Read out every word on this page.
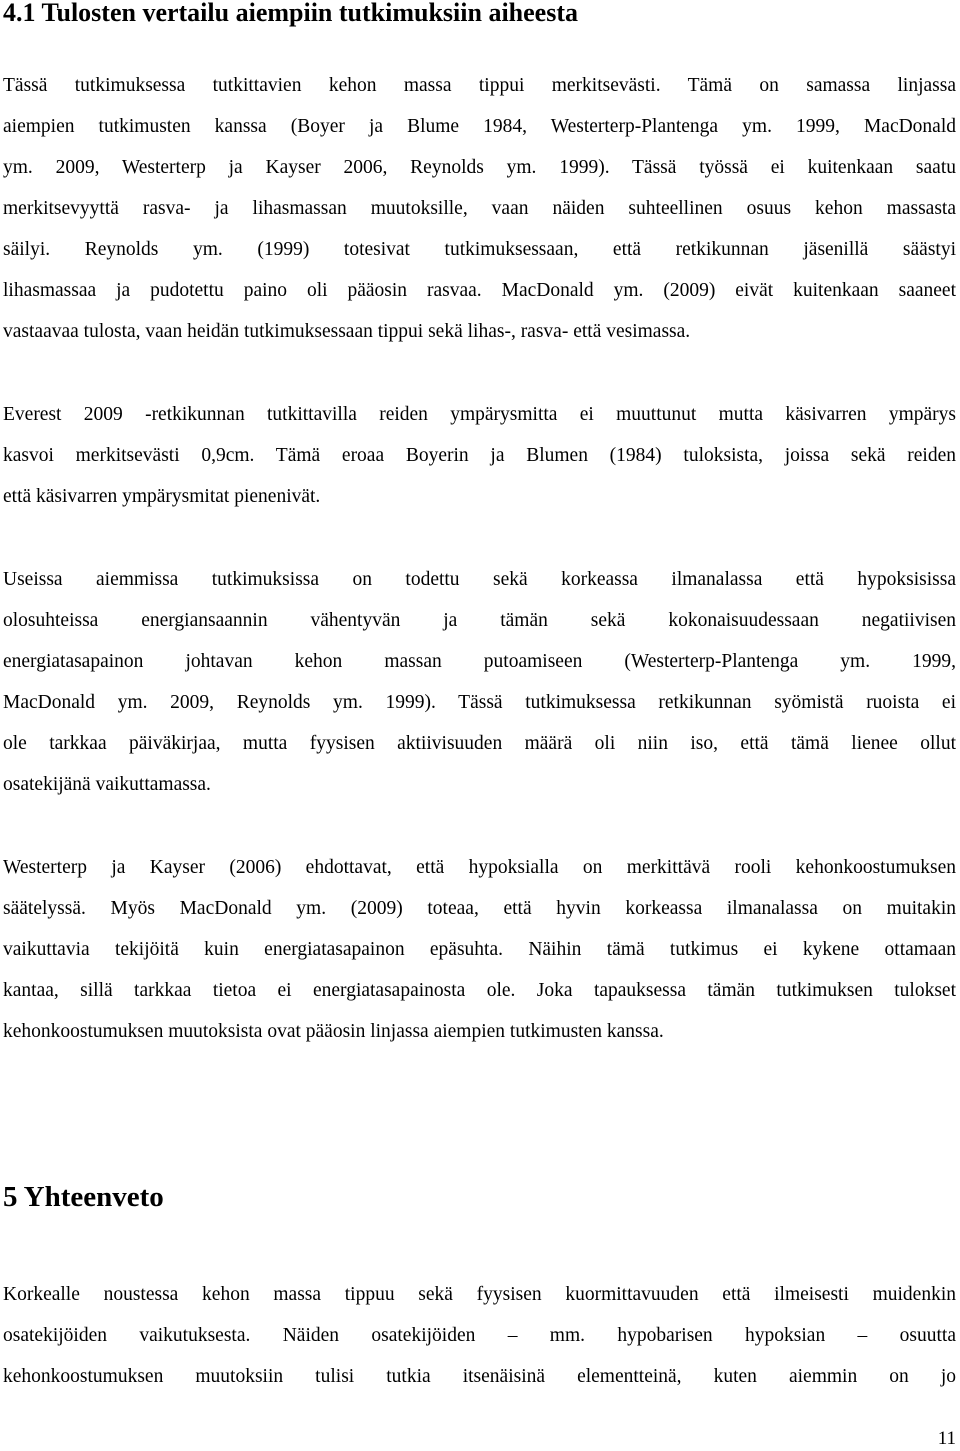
4.1 Tulosten vertailu aiempiin tutkimuksiin aiheesta

Tässä tutkimuksessa tutkittavien kehon massa tippui merkitsevästi. Tämä on samassa linjassa
aiempien tutkimusten kanssa (Boyer ja Blume 1984, Westerterp-Plantenga ym. 1999, MacDonald
ym. 2009, Westerterp ja Kayser 2006, Reynolds ym. 1999). Tässä työssä ei kuitenkaan saatu
merkitsevyyttä rasva- ja lihasmassan muutoksille, vaan näiden suhteellinen osuus kehon massasta
säilyi. Reynolds ym. (1999) totesivat tutkimuksessaan, että retkikunnan jäsenillä säästyi
lihasmassaa ja pudotettu paino oli pääosin rasvaa. MacDonald ym. (2009) eivät kuitenkaan saaneet
vastaavaa tulosta, vaan heidän tutkimuksessaan tippui sekä lihas-, rasva- että vesimassa.

Everest 2009 -retkikunnan tutkittavilla reiden ympärysmitta ei muuttunut mutta käsivarren ympärys
kasvoi merkitsevästi 0,9cm. Tämä eroaa Boyerin ja Blumen (1984) tuloksista, joissa sekä reiden
että käsivarren ympärysmitat pienenivät.

Useissa aiemmissa tutkimuksissa on todettu sekä korkeassa ilmanalassa että hypoksisissa
olosuhteissa energiansaannin vähentyvän ja tämän sekä kokonaisuudessaan negatiivisen
energiatasapainon johtavan kehon massan putoamiseen (Westerterp-Plantenga ym. 1999,
MacDonald ym. 2009, Reynolds ym. 1999). Tässä tutkimuksessa retkikunnan syömistä ruoista ei
ole tarkkaa päiväkirjaa, mutta fyysisen aktiivisuuden määrä oli niin iso, että tämä lienee ollut
osatekijänä vaikuttamassa.

Westerterp ja Kayser (2006) ehdottavat, että hypoksialla on merkittävä rooli kehonkoostumuksen
säätelyssä. Myös MacDonald ym. (2009) toteaa, että hyvin korkeassa ilmanalassa on muitakin
vaikuttavia tekijöitä kuin energiatasapainon epäsuhta. Näihin tämä tutkimus ei kykene ottamaan
kantaa, sillä tarkkaa tietoa ei energiatasapainosta ole. Joka tapauksessa tämän tutkimuksen tulokset
kehonkoostumuksen muutoksista ovat pääosin linjassa aiempien tutkimusten kanssa.

5 Yhteenveto

Korkealle noustessa kehon massa tippuu sekä fyysisen kuormittavuuden että ilmeisesti muidenkin
osatekijöiden vaikutuksesta. Näiden osatekijöiden – mm. hypobarisen hypoksian – osuutta
kehonkoostumuksen muutoksiin tulisi tutkia itsenäisinä elementteinä, kuten aiemmin on jo

11
